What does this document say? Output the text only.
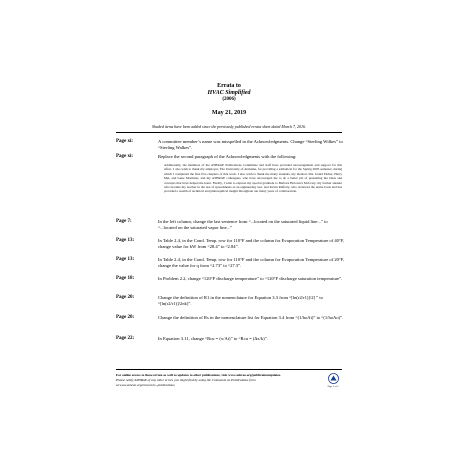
Errata to
HVAC Simplified
(2006)
May 21, 2019
Shaded items have been added since the previously published errata sheet dated March 7, 2016.
Page xi:	A committee member’s name was misspelled in the Acknowledgments. Change “Sterling Wilkes” to “Sterling Walkes”.
Page xi:	Replace the second paragraph of the Acknowledgments with the following:
Additionally, the members of the ASHRAE Publications Committee and staff have provided encouragement and support for this effort. I also wish to thank my employer, The University of Alabama, for providing a sabbatical for the Spring 2005 semester, during which I completed the first five chapters of this work. I also wish to thank the many students, my mentors Drs. Jerald Parker, Harry Mei, and Gene Mortimer, and my ASHRAE colleagues, who have encouraged me to do a better job of presenting the ideas and concepts that have helped me learn. Finally, I wish to express my special gratitude to Barbara Holowicz McCrary, my former student who became my teacher in the use of spreadsheets as an engineering tool, and Kevin Rafferty, who reviewed the entire book and has provided a wealth of technical and philosophical insight throughout our many years of collaboration.
Page 7:	In the left column, change the last sentence from “...located on the saturated liquid line...” to “...located on the saturated vapor line...”
Page 13:	In Table 2.4, in the Cond. Temp. row for 110°F and the column for Evaporation Temperature of 40°F, change value for kW from “28.4” to “2.84”.
Page 13:	In Table 2.4, in the Cond. Temp. row for 110°F and the column for Evaporation Temperature of 20°F, change the value for q from “2.73” to “27.3”.
Page 18:	In Problem 2.2, change “120°F discharge temperature” to “120°F discharge saturation temperature”.
Page 20:	Change the definition of R1 in the nomenclature for Equation 3.3 from “[ln(r2/r1)]/2] ” to “[ln(r2/r1)]/2πk]”.
Page 20:	Change the definition of Rs in the nomenclature list for Equation 3.4 from “(1/hoAi)” to “(1/hoAo)”.
Page 22:	In Equation 3.11, change “Rcu = (x/Ai)” to “Rcu = (Δx/k)”.
For online access to these errata as well as updates to other publications, visit www.ashrae.org/publicationupdates.
Please notify ASHRAE of any other errors you might find by using the Comments on Publications form
at www.ashrae.org/resources--publications.	Page 1 of 3
